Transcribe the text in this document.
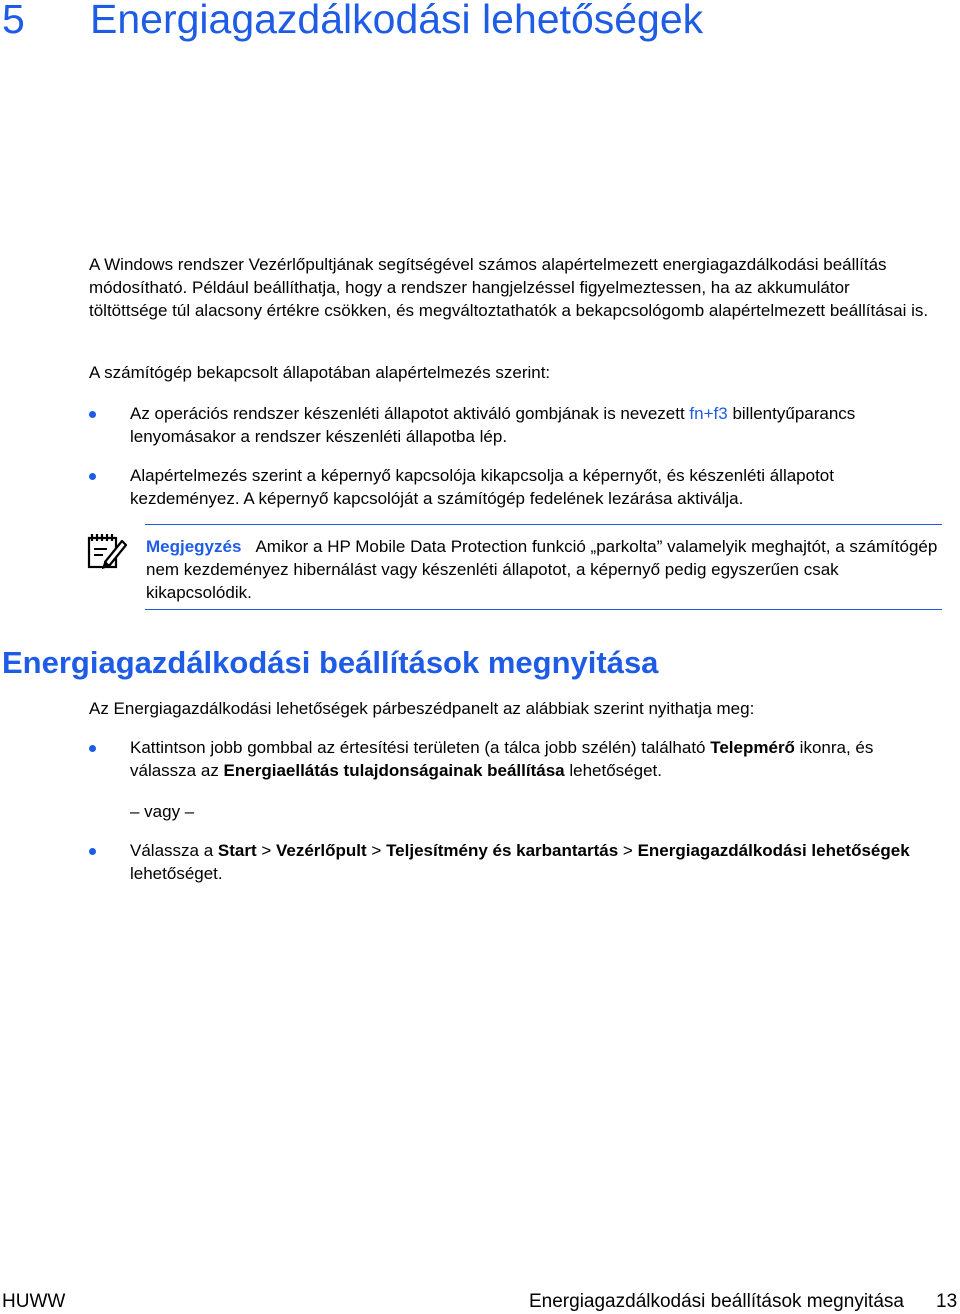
5 Energiagazdálkodási lehetőségek

A Windows rendszer Vezérlőpultjának segítségével számos alapértelmezett energiagazdálkodási beállítás módosítható. Például beállíthatja, hogy a rendszer hangjelzéssel figyelmeztessen, ha az akkumulátor töltöttsége túl alacsony értékre csökken, és megváltoztathatók a bekapcsológomb alapértelmezett beállításai is.

A számítógép bekapcsolt állapotában alapértelmezés szerint:

Az operációs rendszer készenléti állapotot aktiváló gombjának is nevezett fn+f3 billentyűparancs lenyomásakor a rendszer készenléti állapotba lép.
Alapértelmezés szerint a képernyő kapcsolója kikapcsolja a képernyőt, és készenléti állapotot kezdeményez. A képernyő kapcsolóját a számítógép fedelének lezárása aktiválja.
Megjegyzés Amikor a HP Mobile Data Protection funkció „parkolta” valamelyik meghajtót, a számítógép nem kezdeményez hibernálást vagy készenléti állapotot, a képernyő pedig egyszerűen csak kikapcsolódik.
Energiagazdálkodási beállítások megnyitása

Az Energiagazdálkodási lehetőségek párbeszédpanelt az alábbiak szerint nyithatja meg:

Kattintson jobb gombbal az értesítési területen (a tálca jobb szélén) található Telepmérő ikonra, és válassza az Energiaellátás tulajdonságainak beállítása lehetőséget.
– vagy –
Válassza a Start > Vezérlőpult > Teljesítmény és karbantartás > Energiagazdálkodási lehetőségek lehetőséget.
HUWW	Energiagazdálkodási beállítások megnyitása 13
